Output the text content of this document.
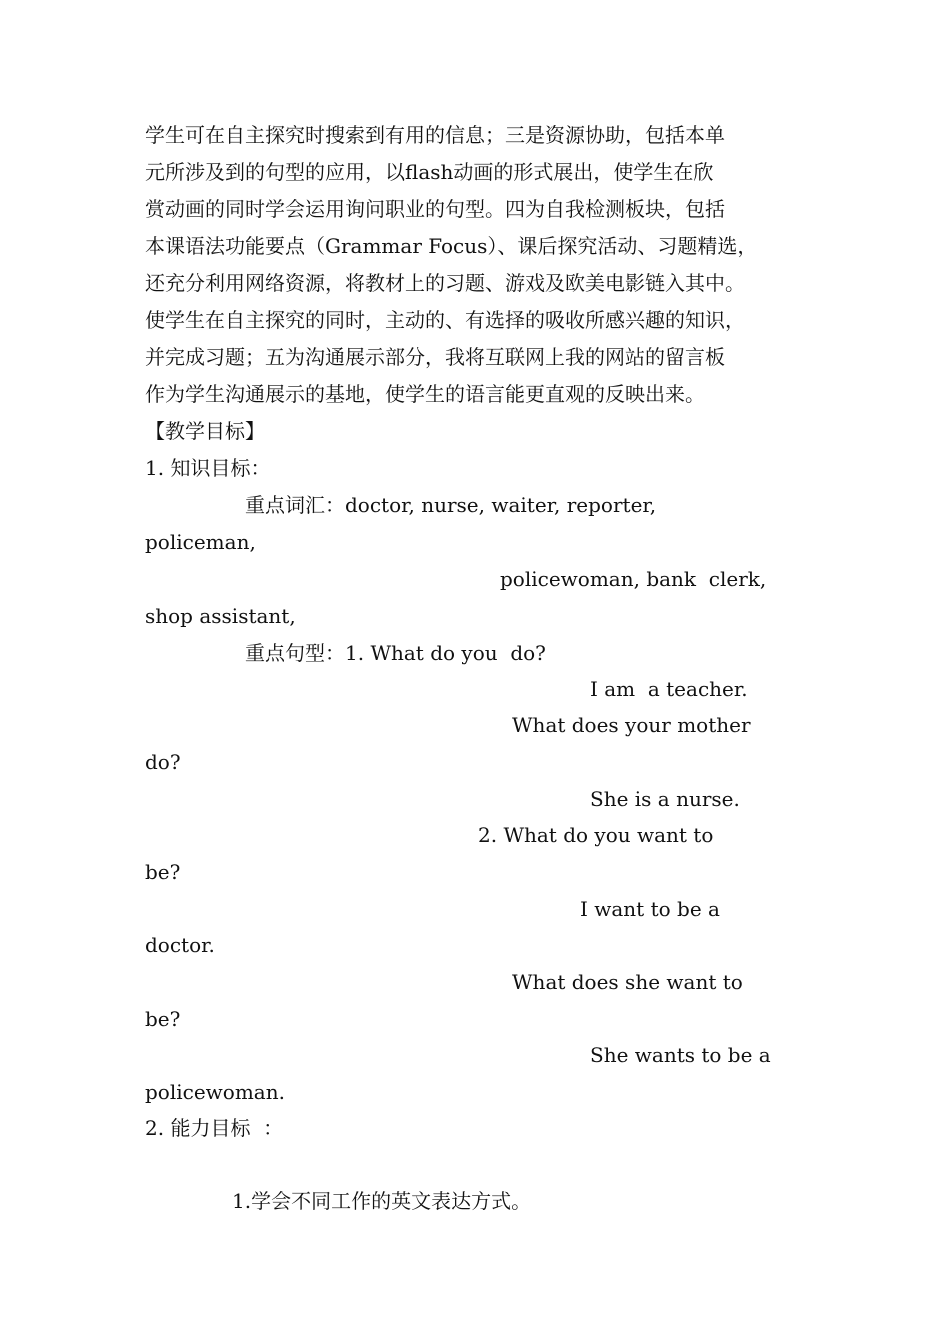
学生可在自主探究时搜索到有用的信息；三是资源协助，包括本单
元所涉及到的句型的应用，以flash动画的形式展出，使学生在欣
赏动画的同时学会运用询问职业的句型。四为自我检测板块，包括
本课语法功能要点（Grammar Focus）、课后探究活动、习题精选，
还充分利用网络资源，将教材上的习题、游戏及欧美电影链入其中。
使学生在自主探究的同时，主动的、有选择的吸收所感兴趣的知识，
并完成习题；五为沟通展示部分，我将互联网上我的网站的留言板
作为学生沟通展示的基地，使学生的语言能更直观的反映出来。
【教学目标】
1. 知识目标：
重点词汇：doctor, nurse, waiter, reporter,
policeman,
policewoman, bank  clerk,
shop assistant,
重点句型：1. What do you  do?
I am  a teacher.
What does your mother
do?
She is a nurse.
2. What do you want to
be?
I want to be a
doctor.
What does she want to
be?
She wants to be a
policewoman.
2. 能力目标  ：
1.学会不同工作的英文表达方式。
